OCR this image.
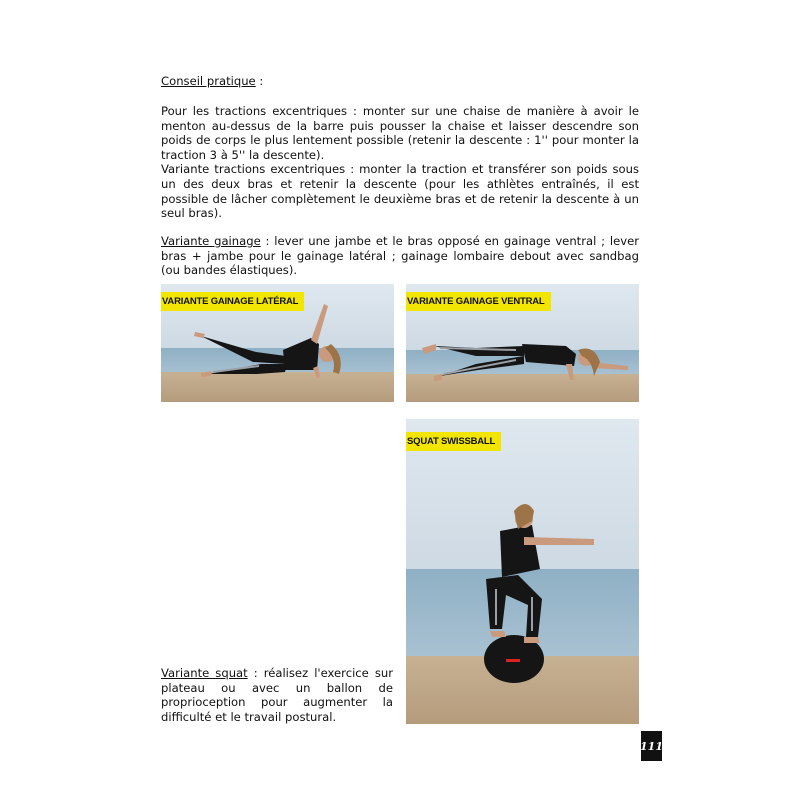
Conseil pratique :

Pour les tractions excentriques : monter sur une chaise de manière à avoir le menton au-dessus de la barre puis pousser la chaise et laisser descendre son poids de corps le plus lentement possible (retenir la descente : 1'' pour monter la traction 3 à 5'' la descente).

Variante tractions excentriques : monter la traction et transférer son poids sous un des deux bras et retenir la descente (pour les athlètes entraînés, il est possible de lâcher complètement le deuxième bras et de retenir la descente à un seul bras).

Variante gainage : lever une jambe et le bras opposé en gainage ventral ; lever bras + jambe pour le gainage latéral ; gainage lombaire debout avec sandbag (ou bandes élastiques).

VARIANTE GAINAGE LATÉRAL	VARIANTE GAINAGE VENTRAL
SQUAT SWISSBALL
Variante squat : réalisez l'exercice sur plateau ou avec un ballon de proprioception pour augmenter la difficulté et le travail postural.
111
